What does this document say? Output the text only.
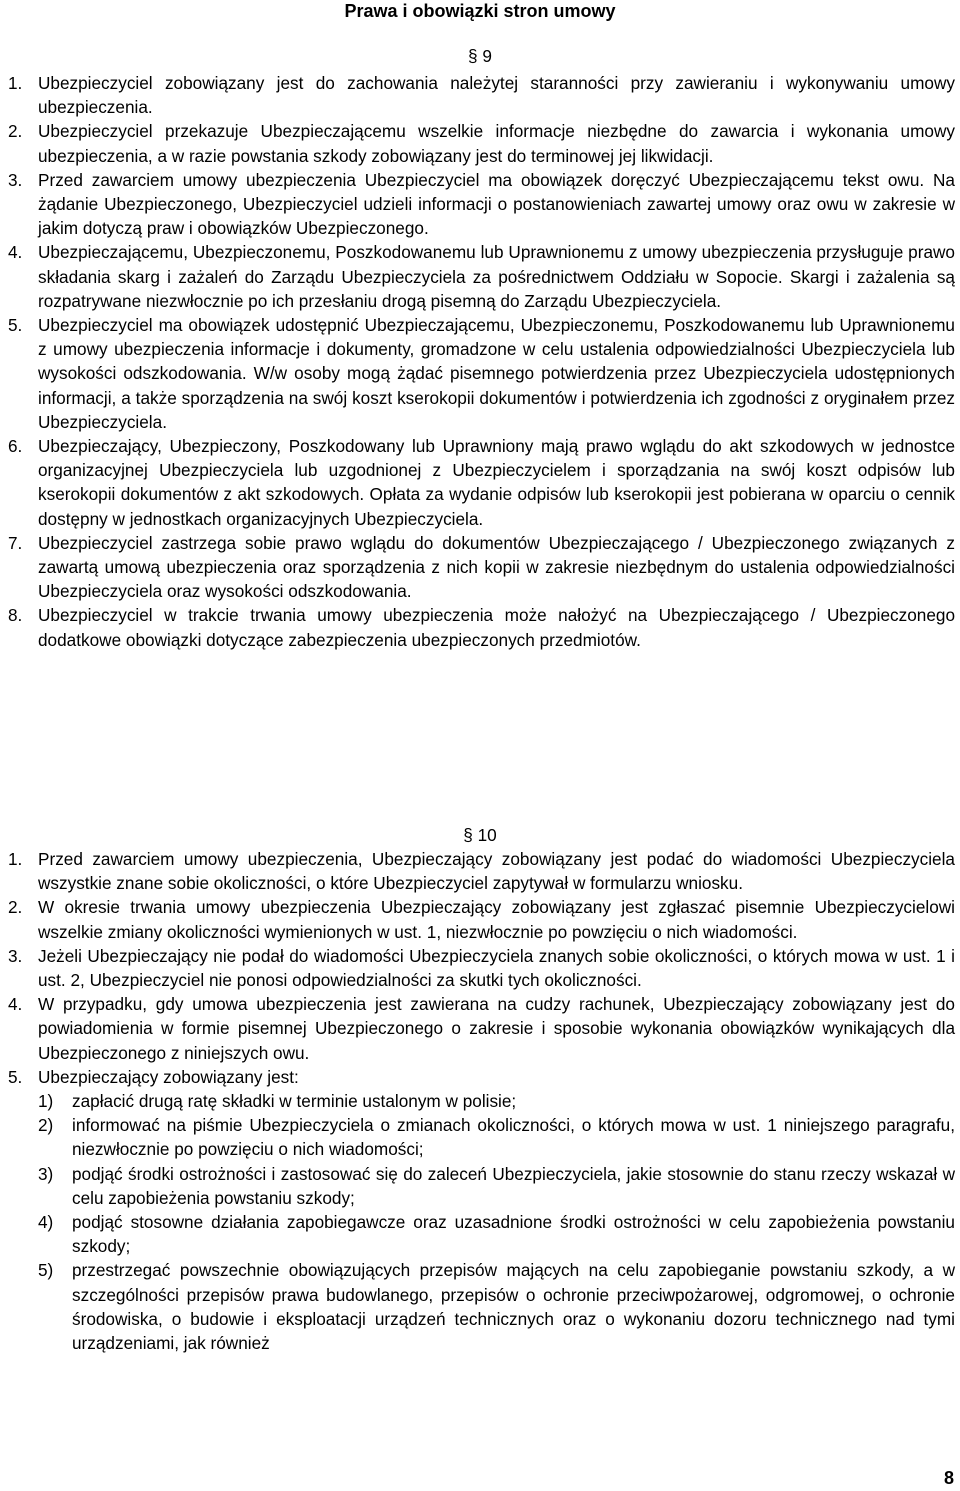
Prawa i obowiązki stron umowy
§ 9
1. Ubezpieczyciel zobowiązany jest do zachowania należytej staranności przy zawieraniu i wykonywaniu umowy ubezpieczenia.
2. Ubezpieczyciel przekazuje Ubezpieczającemu wszelkie informacje niezbędne do zawarcia i wykonania umowy ubezpieczenia, a w razie powstania szkody zobowiązany jest do terminowej jej likwidacji.
3. Przed zawarciem umowy ubezpieczenia Ubezpieczyciel ma obowiązek doręczyć Ubezpieczającemu tekst owu. Na żądanie Ubezpieczonego, Ubezpieczyciel udzieli informacji o postanowieniach zawartej umowy oraz owu w zakresie w jakim dotyczą praw i obowiązków Ubezpieczonego.
4. Ubezpieczającemu, Ubezpieczonemu, Poszkodowanemu lub Uprawnionemu z umowy ubezpieczenia przysługuje prawo składania skarg i zażaleń do Zarządu Ubezpieczyciela za pośrednictwem Oddziału w Sopocie. Skargi i zażalenia są rozpatrywane niezwłocznie po ich przesłaniu drogą pisemną do Zarządu Ubezpieczyciela.
5. Ubezpieczyciel ma obowiązek udostępnić Ubezpieczającemu, Ubezpieczonemu, Poszkodowanemu lub Uprawnionemu z umowy ubezpieczenia informacje i dokumenty, gromadzone w celu ustalenia odpowiedzialności Ubezpieczyciela lub wysokości odszkodowania. W/w osoby mogą żądać pisemnego potwierdzenia przez Ubezpieczyciela udostępnionych informacji, a także sporządzenia na swój koszt kserokopii dokumentów i potwierdzenia ich zgodności z oryginałem przez Ubezpieczyciela.
6. Ubezpieczający, Ubezpieczony, Poszkodowany lub Uprawniony mają prawo wglądu do akt szkodowych w jednostce organizacyjnej Ubezpieczyciela lub uzgodnionej z Ubezpieczycielem i sporządzania na swój koszt odpisów lub kserokopii dokumentów z akt szkodowych. Opłata za wydanie odpisów lub kserokopii jest pobierana w oparciu o cennik dostępny w jednostkach organizacyjnych Ubezpieczyciela.
7. Ubezpieczyciel zastrzega sobie prawo wglądu do dokumentów Ubezpieczającego / Ubezpieczonego związanych z zawartą umową ubezpieczenia oraz sporządzenia z nich kopii w zakresie niezbędnym do ustalenia odpowiedzialności Ubezpieczyciela oraz wysokości odszkodowania.
8. Ubezpieczyciel w trakcie trwania umowy ubezpieczenia może nałożyć na Ubezpieczającego / Ubezpieczonego dodatkowe obowiązki dotyczące zabezpieczenia ubezpieczonych przedmiotów.
§ 10
1. Przed zawarciem umowy ubezpieczenia, Ubezpieczający zobowiązany jest podać do wiadomości Ubezpieczyciela wszystkie znane sobie okoliczności, o które Ubezpieczyciel zapytywał w formularzu wniosku.
2. W okresie trwania umowy ubezpieczenia Ubezpieczający zobowiązany jest zgłaszać pisemnie Ubezpieczycielowi wszelkie zmiany okoliczności wymienionych w ust. 1, niezwłocznie po powzięciu o nich wiadomości.
3. Jeżeli Ubezpieczający nie podał do wiadomości Ubezpieczyciela znanych sobie okoliczności, o których mowa w ust. 1 i ust. 2, Ubezpieczyciel nie ponosi odpowiedzialności za skutki tych okoliczności.
4. W przypadku, gdy umowa ubezpieczenia jest zawierana na cudzy rachunek, Ubezpieczający zobowiązany jest do powiadomienia w formie pisemnej Ubezpieczonego o zakresie i sposobie wykonania obowiązków wynikających dla Ubezpieczonego z niniejszych owu.
5. Ubezpieczający zobowiązany jest:
1) zapłacić drugą ratę składki w terminie ustalonym w polisie;
2) informować na piśmie Ubezpieczyciela o zmianach okoliczności, o których mowa w ust. 1 niniejszego paragrafu, niezwłocznie po powzięciu o nich wiadomości;
3) podjąć środki ostrożności i zastosować się do zaleceń Ubezpieczyciela, jakie stosownie do stanu rzeczy wskazał w celu zapobieżenia powstaniu szkody;
4) podjąć stosowne działania zapobiegawcze oraz uzasadnione środki ostrożności w celu zapobieżenia powstaniu szkody;
5) przestrzegać powszechnie obowiązujących przepisów mających na celu zapobieganie powstaniu szkody, a w szczególności przepisów prawa budowlanego, przepisów o ochronie przeciwpożarowej, odgromowej, o ochronie środowiska, o budowie i eksploatacji urządzeń technicznych oraz o wykonaniu dozoru technicznego nad tymi urządzeniami, jak również
8
